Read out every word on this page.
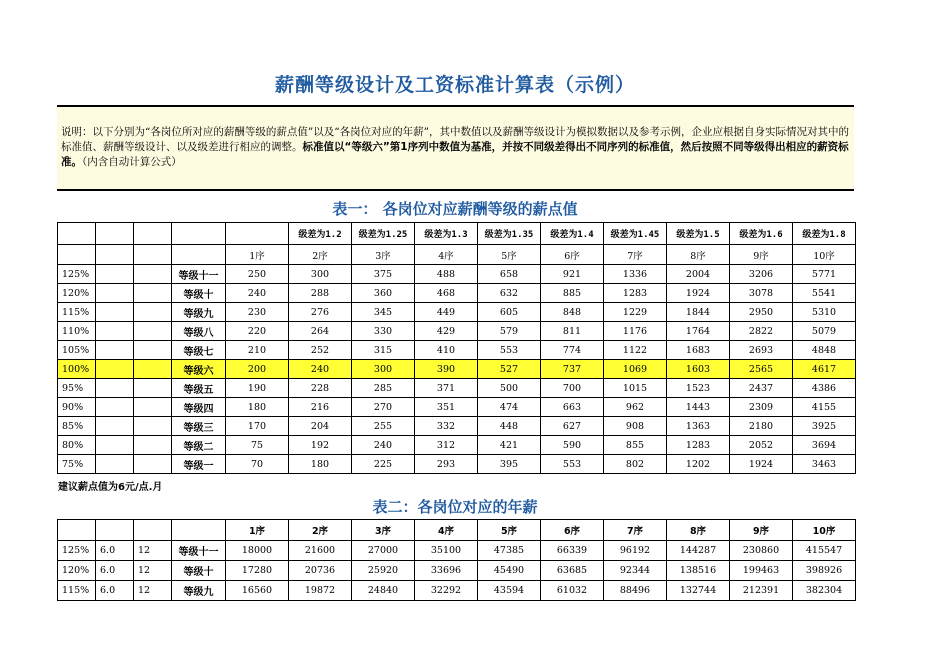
薪酬等级设计及工资标准计算表（示例）
说明：以下分别为“各岗位所对应的薪酬等级的薪点值”以及“各岗位对应的年薪”，其中数值以及薪酬等级设计为模拟数据以及参考示例，企业应根据自身实际情况对其中的标准值、薪酬等级设计、以及级差进行相应的调整。标准值以“等级六”第1序列中数值为基准，并按不同级差得出不同序列的标准值，然后按照不同等级得出相应的薪资标准。（内含自动计算公式）
表一： 各岗位对应薪酬等级的薪点值
					级差为1.2	级差为1.25	级差为1.3	级差为1.35	级差为1.4	级差为1.45	级差为1.5	级差为1.6	级差为1.8
				1序	2序	3序	4序	5序	6序	7序	8序	9序	10序
125%			等级十一	250	300	375	488	658	921	1336	2004	3206	5771
120%			等级十	240	288	360	468	632	885	1283	1924	3078	5541
115%			等级九	230	276	345	449	605	848	1229	1844	2950	5310
110%			等级八	220	264	330	429	579	811	1176	1764	2822	5079
105%			等级七	210	252	315	410	553	774	1122	1683	2693	4848
100%			等级六	200	240	300	390	527	737	1069	1603	2565	4617
95%			等级五	190	228	285	371	500	700	1015	1523	2437	4386
90%			等级四	180	216	270	351	474	663	962	1443	2309	4155
85%			等级三	170	204	255	332	448	627	908	1363	2180	3925
80%			等级二	75	192	240	312	421	590	855	1283	2052	3694
75%			等级一	70	180	225	293	395	553	802	1202	1924	3463
建议薪点值为6元/点.月
表二：各岗位对应的年薪
				1序	2序	3序	4序	5序	6序	7序	8序	9序	10序
125%	6.0	12	等级十一	18000	21600	27000	35100	47385	66339	96192	144287	230860	415547
120%	6.0	12	等级十	17280	20736	25920	33696	45490	63685	92344	138516	199463	398926
115%	6.0	12	等级九	16560	19872	24840	32292	43594	61032	88496	132744	212391	382304
